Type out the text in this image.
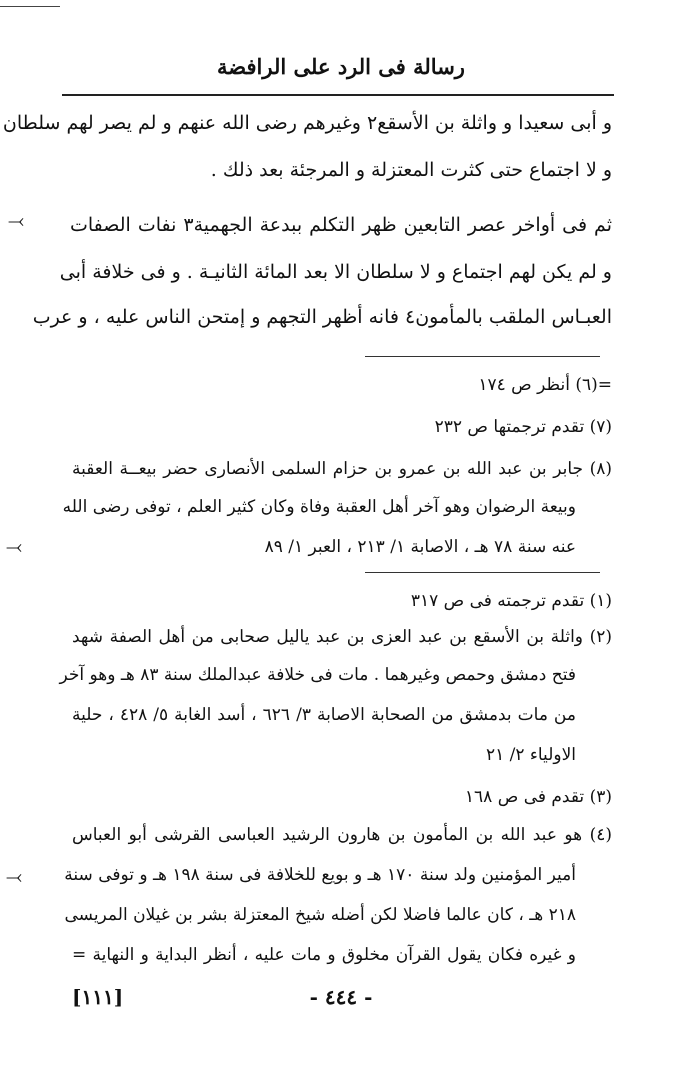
رسالة فى الرد على الرافضة
و أبى سعيدا و واثلة بن الأسقع٢ وغيرهم رضى الله عنهم و لم يصر لهم سلطان
و لا اجتماع حتى كثرت المعتزلة و المرجئة بعد ذلك .
ثم فى أواخر عصر التابعين ظهر التكلم ببدعة الجهمية٣ نفات الصفات
و لم يكن لهم اجتماع و لا سلطان الا بعد المائة الثانيـة . و فى خلافة أبى
العبـاس الملقب بالمأمون٤ فانه أظهر التجهم و إمتحن الناس عليه ، و عرب
⤙
=(٦) أنظر ص ١٧٤
(٧) تقدم ترجمتها ص ٢٣٢
(٨) جابر بن عبد الله بن عمرو بن حزام السلمى الأنصارى حضر بيعــة العقبة
وبيعة الرضوان وهو آخر أهل العقبة وفاة وكان كثير العلم ، توفى رضى الله
عنه سنة ٧٨ هـ ، الاصابة ١/ ٢١٣ ، العبر ١/ ٨٩
⤙
(١) تقدم ترجمته فى ص ٣١٧
(٢) واثلة بن الأسقع بن عبد العزى بن عبد ياليل صحابى من أهل الصفة شهد
فتح دمشق وحمص وغيرهما . مات فى خلافة عبدالملك سنة ٨٣ هـ وهو آخر
من مات بدمشق من الصحابة الاصابة ٣/ ٦٢٦ ، أسد الغابة ٥/ ٤٢٨ ، حلية
الاولياء ٢/ ٢١
(٣) تقدم فى ص ١٦٨
(٤) هو عبد الله بن المأمون بن هارون الرشيد العباسى القرشى أبو العباس
أمير المؤمنين ولد سنة ١٧٠ هـ و بويع للخلافة فى سنة ١٩٨ هـ و توفى سنة
٢١٨ هـ ، كان عالما فاضلا لكن أضله شيخ المعتزلة بشر بن غيلان المريسى
و غيره فكان يقول القرآن مخلوق و مات عليه ، أنظر البداية و النهاية =
⤙
- ٤٤٤ -
[١١١]
